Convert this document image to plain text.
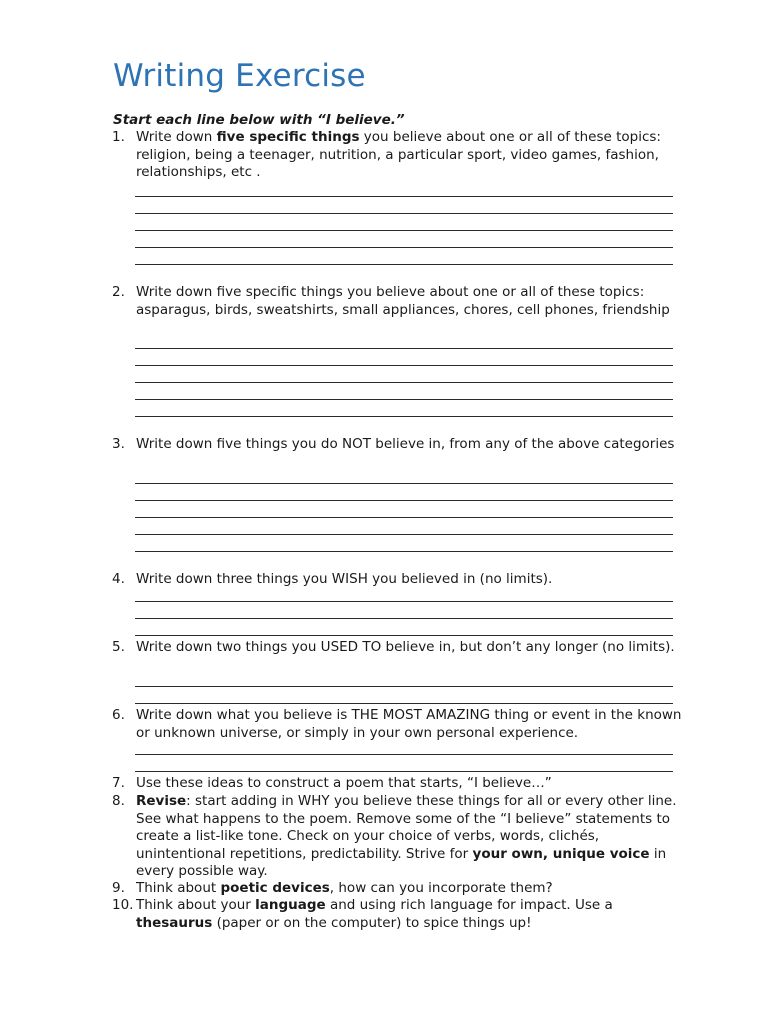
Writing Exercise

Start each line below with “I believe.”

1. Write down five specific things you believe about one or all of these topics: religion, being a teenager, nutrition, a particular sport, video games, fashion, relationships, etc .
2. Write down five specific things you believe about one or all of these topics: asparagus, birds, sweatshirts, small appliances, chores, cell phones, friendship
3. Write down five things you do NOT believe in, from any of the above categories
4. Write down three things you WISH you believed in (no limits).
5. Write down two things you USED TO believe in, but don’t any longer (no limits).
6. Write down what you believe is THE MOST AMAZING thing or event in the known or unknown universe, or simply in your own personal experience.
7. Use these ideas to construct a poem that starts, “I believe…”
8. Revise: start adding in WHY you believe these things for all or every other line. See what happens to the poem. Remove some of the “I believe” statements to create a list-like tone. Check on your choice of verbs, words, clichés, unintentional repetitions, predictability. Strive for your own, unique voice in every possible way.
9. Think about poetic devices, how can you incorporate them?
10. Think about your language and using rich language for impact. Use a thesaurus (paper or on the computer) to spice things up!
